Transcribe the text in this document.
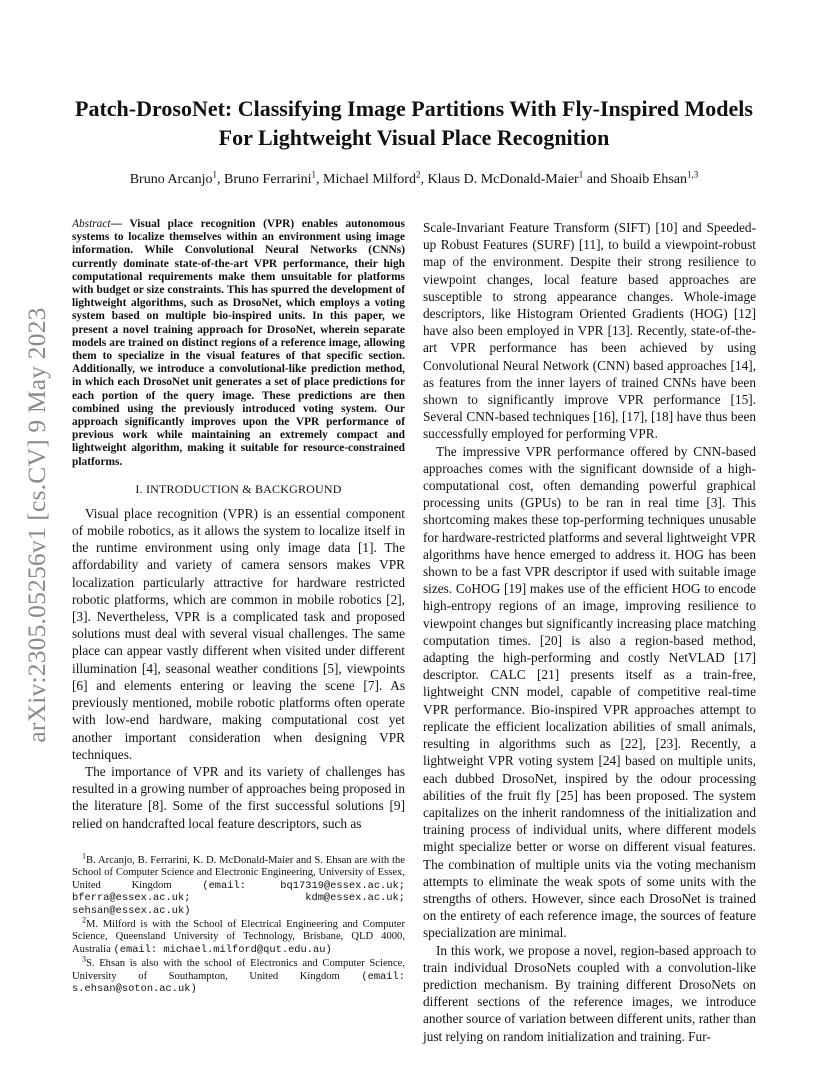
arXiv:2305.05256v1 [cs.CV] 9 May 2023
Patch-DrosoNet: Classifying Image Partitions With Fly-Inspired Models
For Lightweight Visual Place Recognition
Bruno Arcanjo$^1$, Bruno Ferrarini$^1$, Michael Milford$^2$, Klaus D. McDonald-Maier$^1$ and Shoaib Ehsan$^{1,3}$

Abstract— Visual place recognition (VPR) enables autonomous systems to localize themselves within an environment using image information. While Convolutional Neural Networks (CNNs) currently dominate state-of-the-art VPR performance, their high computational requirements make them unsuitable for platforms with budget or size constraints. This has spurred the development of lightweight algorithms, such as DrosoNet, which employs a voting system based on multiple bio-inspired units. In this paper, we present a novel training approach for DrosoNet, wherein separate models are trained on distinct regions of a reference image, allowing them to specialize in the visual features of that specific section. Additionally, we introduce a convolutional-like prediction method, in which each DrosoNet unit generates a set of place predictions for each portion of the query image. These predictions are then combined using the previously introduced voting system. Our approach significantly improves upon the VPR performance of previous work while maintaining an extremely compact and lightweight algorithm, making it suitable for resource-constrained platforms.

I. INTRODUCTION & BACKGROUND

Visual place recognition (VPR) is an essential component of mobile robotics, as it allows the system to localize itself in the runtime environment using only image data [1]. The affordability and variety of camera sensors makes VPR localization particularly attractive for hardware restricted robotic platforms, which are common in mobile robotics [2], [3]. Nevertheless, VPR is a complicated task and proposed solutions must deal with several visual challenges. The same place can appear vastly different when visited under different illumination [4], seasonal weather conditions [5], viewpoints [6] and elements entering or leaving the scene [7]. As previously mentioned, mobile robotic platforms often operate with low-end hardware, making computational cost yet another important consideration when designing VPR techniques.

The importance of VPR and its variety of challenges has resulted in a growing number of approaches being proposed in the literature [8]. Some of the first successful solutions [9] relied on handcrafted local feature descriptors, such as

$^1$B. Arcanjo, B. Ferrarini, K. D. McDonald-Maier and S. Ehsan are with the School of Computer Science and Electronic Engineering, University of Essex, United Kingdom (email: bq17319@essex.ac.uk; bferra@essex.ac.uk; kdm@essex.ac.uk; sehsan@essex.ac.uk)

$^2$M. Milford is with the School of Electrical Engineering and Computer Science, Queensland University of Technology, Brisbane, QLD 4000, Australia (email: michael.milford@qut.edu.au)

$^3$S. Ehsan is also with the school of Electronics and Computer Science, University of Southampton, United Kingdom (email: s.ehsan@soton.ac.uk)

Scale-Invariant Feature Transform (SIFT) [10] and Speeded-up Robust Features (SURF) [11], to build a viewpoint-robust map of the environment. Despite their strong resilience to viewpoint changes, local feature based approaches are susceptible to strong appearance changes. Whole-image descriptors, like Histogram Oriented Gradients (HOG) [12] have also been employed in VPR [13]. Recently, state-of-the-art VPR performance has been achieved by using Convolutional Neural Network (CNN) based approaches [14], as features from the inner layers of trained CNNs have been shown to significantly improve VPR performance [15]. Several CNN-based techniques [16], [17], [18] have thus been successfully employed for performing VPR.

The impressive VPR performance offered by CNN-based approaches comes with the significant downside of a high-computational cost, often demanding powerful graphical processing units (GPUs) to be ran in real time [3]. This shortcoming makes these top-performing techniques unusable for hardware-restricted platforms and several lightweight VPR algorithms have hence emerged to address it. HOG has been shown to be a fast VPR descriptor if used with suitable image sizes. CoHOG [19] makes use of the efficient HOG to encode high-entropy regions of an image, improving resilience to viewpoint changes but significantly increasing place matching computation times. [20] is also a region-based method, adapting the high-performing and costly NetVLAD [17] descriptor. CALC [21] presents itself as a train-free, lightweight CNN model, capable of competitive real-time VPR performance. Bio-inspired VPR approaches attempt to replicate the efficient localization abilities of small animals, resulting in algorithms such as [22], [23]. Recently, a lightweight VPR voting system [24] based on multiple units, each dubbed DrosoNet, inspired by the odour processing abilities of the fruit fly [25] has been proposed. The system capitalizes on the inherit randomness of the initialization and training process of individual units, where different models might specialize better or worse on different visual features. The combination of multiple units via the voting mechanism attempts to eliminate the weak spots of some units with the strengths of others. However, since each DrosoNet is trained on the entirety of each reference image, the sources of feature specialization are minimal.

In this work, we propose a novel, region-based approach to train individual DrosoNets coupled with a convolution-like prediction mechanism. By training different DrosoNets on different sections of the reference images, we introduce another source of variation between different units, rather than just relying on random initialization and training. Fur-
